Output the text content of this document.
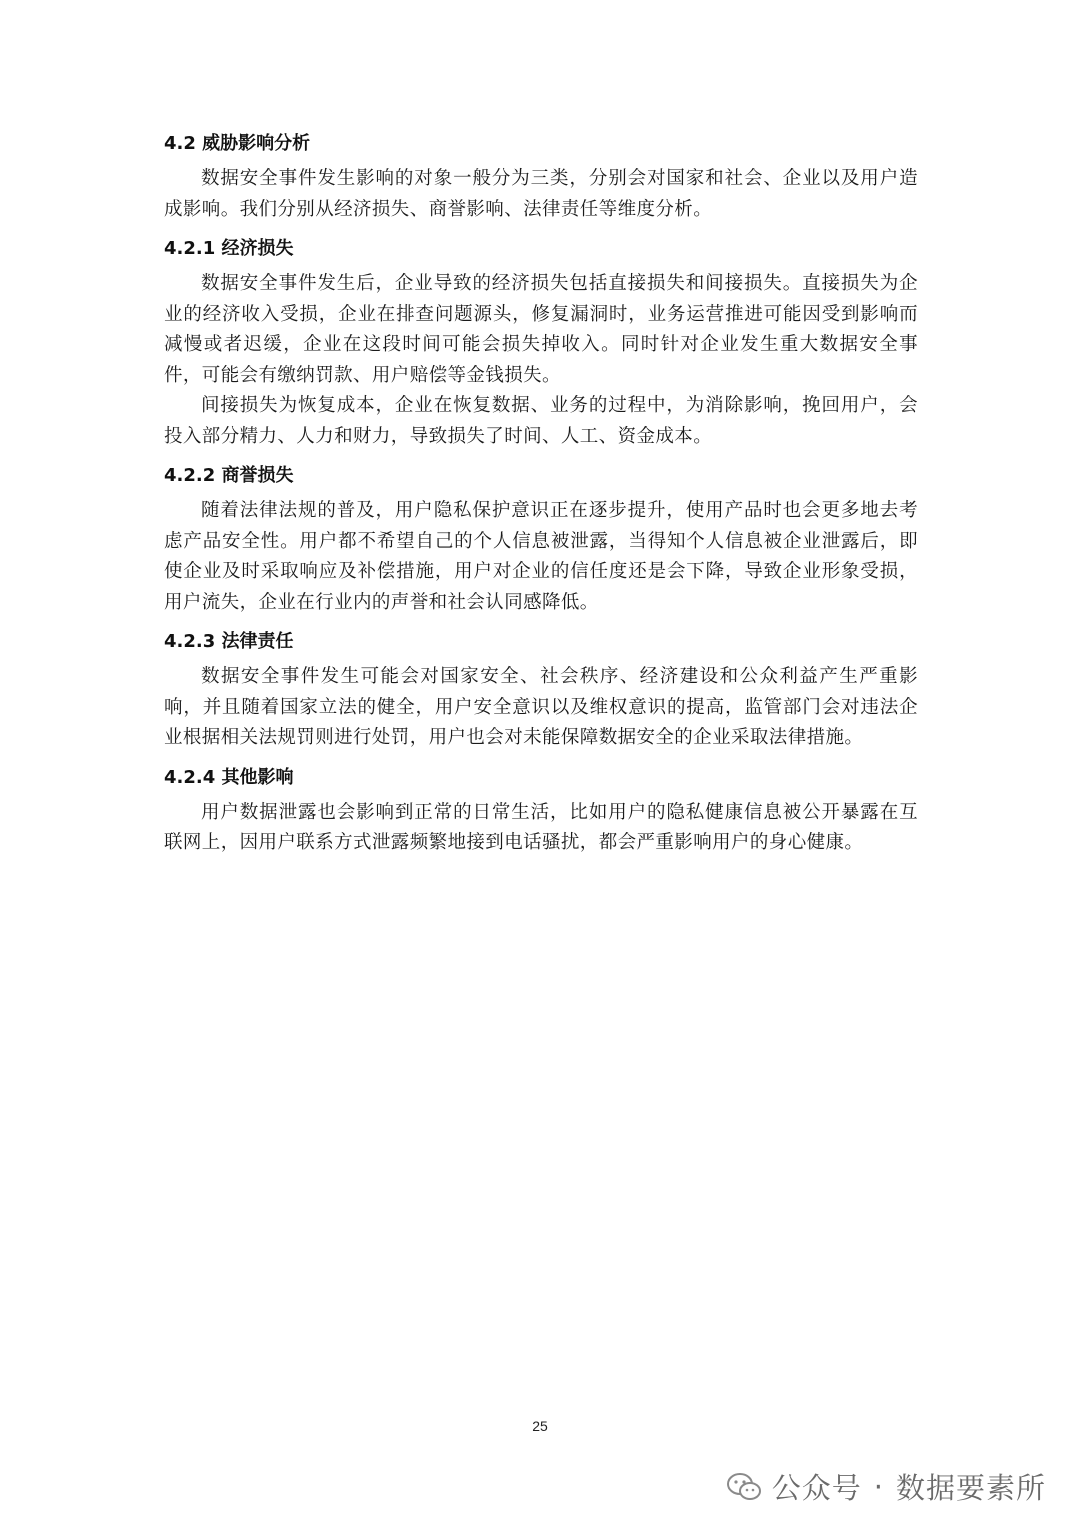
4.2 威胁影响分析

数据安全事件发生影响的对象一般分为三类，分别会对国家和社会、企业以及用户造成影响。我们分别从经济损失、商誉影响、法律责任等维度分析。

4.2.1 经济损失

数据安全事件发生后，企业导致的经济损失包括直接损失和间接损失。直接损失为企业的经济收入受损，企业在排查问题源头，修复漏洞时，业务运营推进可能因受到影响而减慢或者迟缓，企业在这段时间可能会损失掉收入。同时针对企业发生重大数据安全事件，可能会有缴纳罚款、用户赔偿等金钱损失。

间接损失为恢复成本，企业在恢复数据、业务的过程中，为消除影响，挽回用户，会投入部分精力、人力和财力，导致损失了时间、人工、资金成本。

4.2.2 商誉损失

随着法律法规的普及，用户隐私保护意识正在逐步提升，使用产品时也会更多地去考虑产品安全性。用户都不希望自己的个人信息被泄露，当得知个人信息被企业泄露后，即使企业及时采取响应及补偿措施，用户对企业的信任度还是会下降，导致企业形象受损，用户流失，企业在行业内的声誉和社会认同感降低。

4.2.3 法律责任

数据安全事件发生可能会对国家安全、社会秩序、经济建设和公众利益产生严重影响，并且随着国家立法的健全，用户安全意识以及维权意识的提高，监管部门会对违法企业根据相关法规罚则进行处罚，用户也会对未能保障数据安全的企业采取法律措施。

4.2.4 其他影响

用户数据泄露也会影响到正常的日常生活，比如用户的隐私健康信息被公开暴露在互联网上，因用户联系方式泄露频繁地接到电话骚扰，都会严重影响用户的身心健康。

25
公众号 · 数据要素所
